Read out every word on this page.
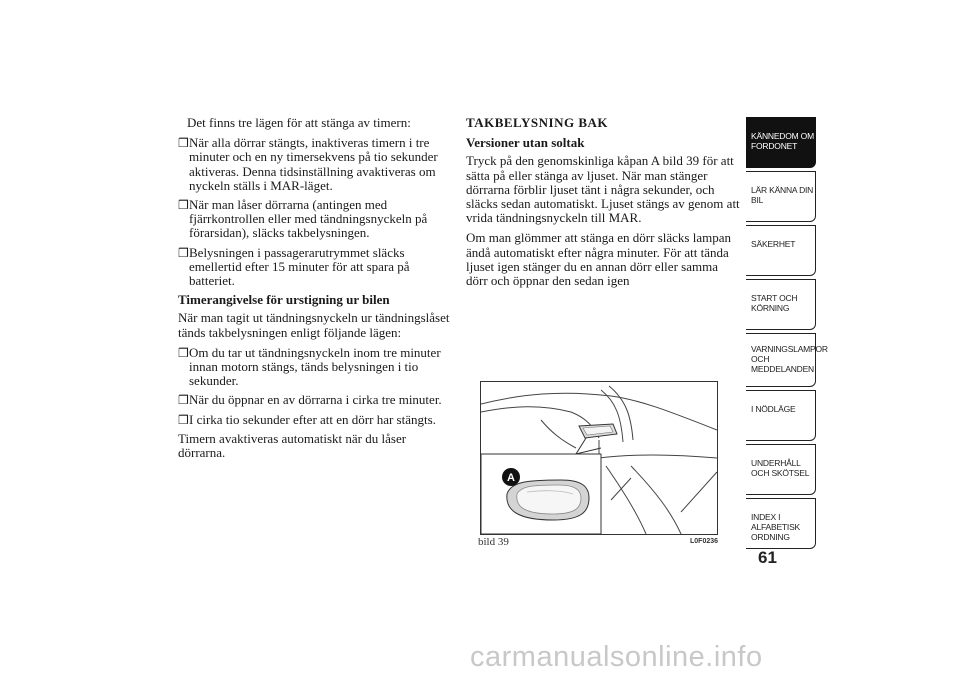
Det finns tre lägen för att stänga av timern:

❒ När alla dörrar stängts, inaktiveras timern i tre minuter och en ny timersekvens på tio sekunder aktiveras. Denna tidsinställning avaktiveras om nyckeln ställs i MAR-läget.
❒ När man låser dörrarna (antingen med fjärrkontrollen eller med tändningsnyckeln på förarsidan), släcks takbelysningen.
❒ Belysningen i passagerarutrymmet släcks emellertid efter 15 minuter för att spara på batteriet.

Timerangivelse för urstigning ur bilen

När man tagit ut tändningsnyckeln ur tändningslåset tänds takbelysningen enligt följande lägen:

❒ Om du tar ut tändningsnyckeln inom tre minuter innan motorn stängs, tänds belysningen i tio sekunder.
❒ När du öppnar en av dörrarna i cirka tre minuter.
❒ I cirka tio sekunder efter att en dörr har stängts.

Timern avaktiveras automatiskt när du låser dörrarna.

TAKBELYSNING BAK

Versioner utan soltak

Tryck på den genomskinliga kåpan A bild 39 för att sätta på eller stänga av ljuset. När man stänger dörrarna förblir ljuset tänt i några sekunder, och släcks sedan automatiskt. Ljuset stängs av genom att vrida tändningsnyckeln till MAR.

Om man glömmer att stänga en dörr släcks lampan ändå automatiskt efter några minuter. För att tända ljuset igen stänger du en annan dörr eller samma dörr och öppnar den sedan igen

A
bild 39	L0F0236
KÄNNEDOM OM FORDONET
LÄR KÄNNA DIN BIL
SÄKERHET
START OCH KÖRNING
VARNINGSLAMPOR OCH MEDDELANDEN
I NÖDLÄGE
UNDERHÅLL OCH SKÖTSEL
INDEX I ALFABETISK ORDNING
61
carmanualsonline.info
